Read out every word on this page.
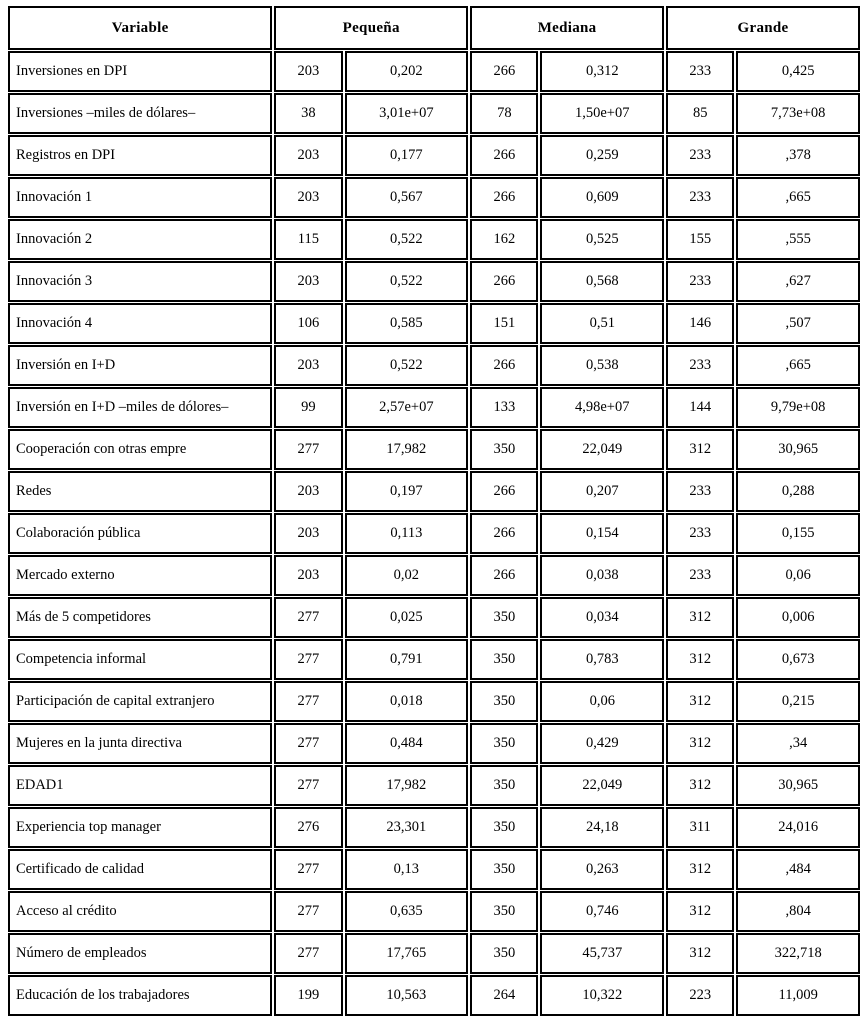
Variable	Pequeña		Mediana		Grande	
Inversiones en DPI	203	0,202	266	0,312	233	0,425
Inversiones –miles de dólares–	38	3,01e+07	78	1,50e+07	85	7,73e+08
Registros en DPI	203	0,177	266	0,259	233	,378
Innovación 1	203	0,567	266	0,609	233	,665
Innovación 2	115	0,522	162	0,525	155	,555
Innovación 3	203	0,522	266	0,568	233	,627
Innovación 4	106	0,585	151	0,51	146	,507
Inversión en I+D	203	0,522	266	0,538	233	,665
Inversión en I+D –miles de dólores–	99	2,57e+07	133	4,98e+07	144	9,79e+08
Cooperación con otras empre	277	17,982	350	22,049	312	30,965
Redes	203	0,197	266	0,207	233	0,288
Colaboración pública	203	0,113	266	0,154	233	0,155
Mercado externo	203	0,02	266	0,038	233	0,06
Más de 5 competidores	277	0,025	350	0,034	312	0,006
Competencia informal	277	0,791	350	0,783	312	0,673
Participación de capital extranjero	277	0,018	350	0,06	312	0,215
Mujeres en la junta directiva	277	0,484	350	0,429	312	,34
EDAD1	277	17,982	350	22,049	312	30,965
Experiencia top manager	276	23,301	350	24,18	311	24,016
Certificado de calidad	277	0,13	350	0,263	312	,484
Acceso al crédito	277	0,635	350	0,746	312	,804
Número de empleados	277	17,765	350	45,737	312	322,718
Educación de los trabajadores	199	10,563	264	10,322	223	11,009
